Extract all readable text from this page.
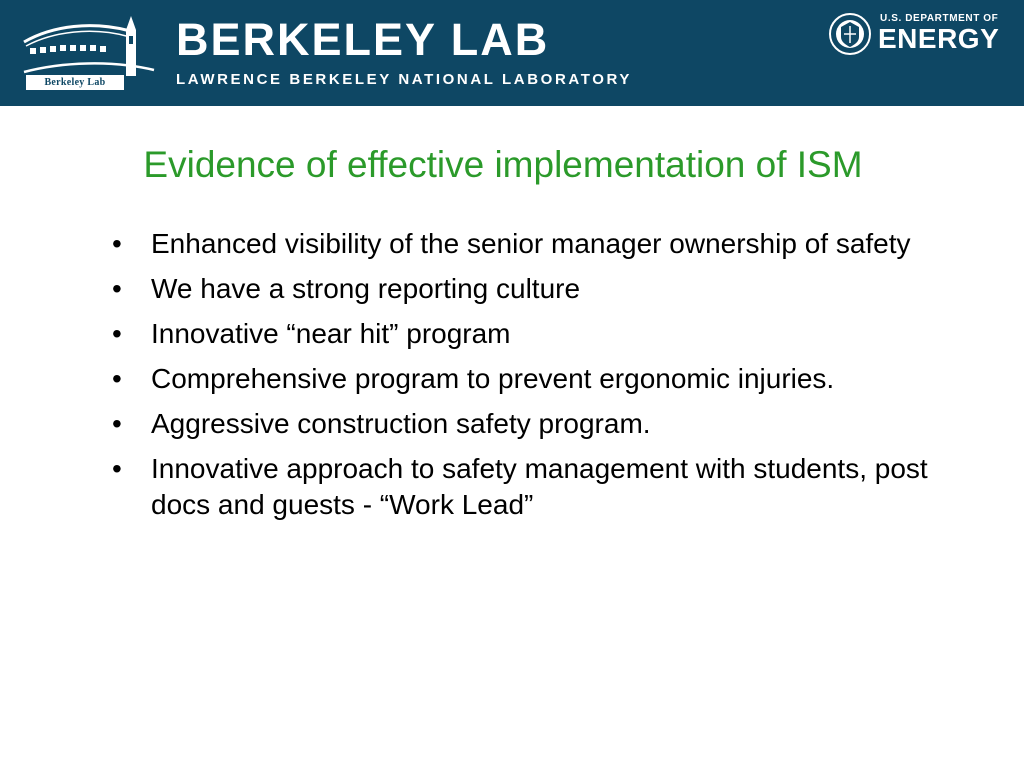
Berkeley Lab
BERKELEY LAB
LAWRENCE BERKELEY NATIONAL LABORATORY
U.S. DEPARTMENT OF
ENERGY
Evidence of effective implementation of ISM
• Enhanced visibility of the senior manager ownership of safety
• We have a strong reporting culture
• Innovative “near hit” program
• Comprehensive program to prevent ergonomic injuries.
• Aggressive construction safety program.
• Innovative approach to safety management with students, post docs and guests - “Work Lead”
